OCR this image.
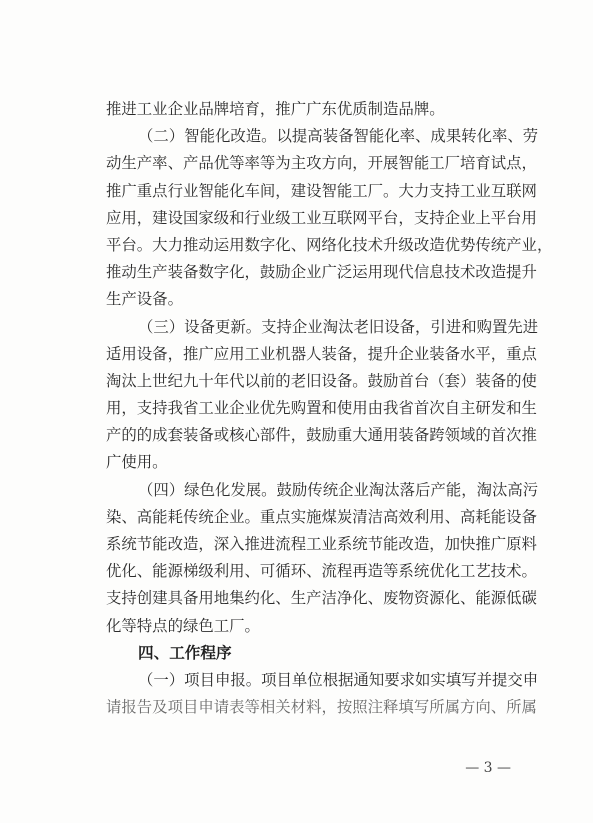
推进工业企业品牌培育，推广广东优质制造品牌。
（二）智能化改造。以提高装备智能化率、成果转化率、劳
动生产率、产品优等率等为主攻方向，开展智能工厂培育试点，
推广重点行业智能化车间，建设智能工厂。大力支持工业互联网
应用，建设国家级和行业级工业互联网平台，支持企业上平台用
平台。大力推动运用数字化、网络化技术升级改造优势传统产业，
推动生产装备数字化，鼓励企业广泛运用现代信息技术改造提升
生产设备。
（三）设备更新。支持企业淘汰老旧设备，引进和购置先进
适用设备，推广应用工业机器人装备，提升企业装备水平，重点
淘汰上世纪九十年代以前的老旧设备。鼓励首台（套）装备的使
用，支持我省工业企业优先购置和使用由我省首次自主研发和生
产的的成套装备或核心部件，鼓励重大通用装备跨领域的首次推
广使用。
（四）绿色化发展。鼓励传统企业淘汰落后产能，淘汰高污
染、高能耗传统企业。重点实施煤炭清洁高效利用、高耗能设备
系统节能改造，深入推进流程工业系统节能改造，加快推广原料
优化、能源梯级利用、可循环、流程再造等系统优化工艺技术。
支持创建具备用地集约化、生产洁净化、废物资源化、能源低碳
化等特点的绿色工厂。
四、工作程序
（一）项目申报。项目单位根据通知要求如实填写并提交申
请报告及项目申请表等相关材料，按照注释填写所属方向、所属
— 3 —
